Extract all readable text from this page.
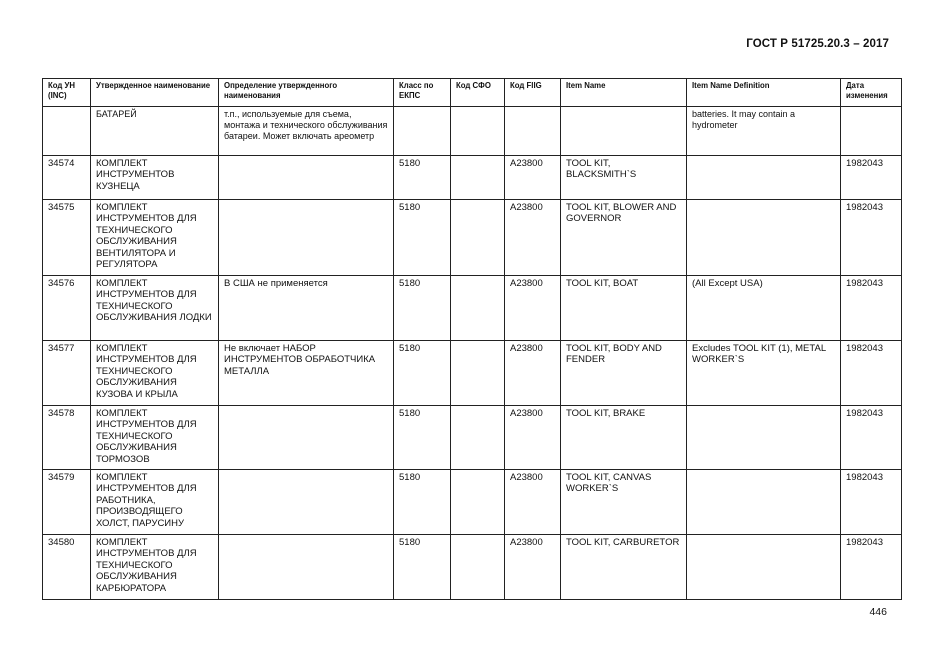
ГОСТ Р 51725.20.3 – 2017
Код УН (INC)	Утвержденное наименование	Определение утвержденного наименования	Класс по ЕКПС	Код СФО	Код FIIG	Item Name	Item Name Definition	Дата изменения
	БАТАРЕЙ	т.п., используемые для съема, монтажа и технического обслуживания батареи. Может включать ареометр					batteries. It may contain a hydrometer	
34574	КОМПЛЕКТ ИНСТРУМЕНТОВ КУЗНЕЦА		5180		A23800	TOOL KIT, BLACKSMITH`S		1982043
34575	КОМПЛЕКТ ИНСТРУМЕНТОВ ДЛЯ ТЕХНИЧЕСКОГО ОБСЛУЖИВАНИЯ ВЕНТИЛЯТОРА И РЕГУЛЯТОРА		5180		A23800	TOOL KIT, BLOWER AND GOVERNOR		1982043
34576	КОМПЛЕКТ ИНСТРУМЕНТОВ ДЛЯ ТЕХНИЧЕСКОГО ОБСЛУЖИВАНИЯ ЛОДКИ	В США не применяется	5180		A23800	TOOL KIT, BOAT	(All Except USA)	1982043
34577	КОМПЛЕКТ ИНСТРУМЕНТОВ ДЛЯ ТЕХНИЧЕСКОГО ОБСЛУЖИВАНИЯ КУЗОВА И КРЫЛА	Не включает НАБОР ИНСТРУМЕНТОВ ОБРАБОТЧИКА МЕТАЛЛА	5180		A23800	TOOL KIT, BODY AND FENDER	Excludes TOOL KIT (1), METAL WORKER`S	1982043
34578	КОМПЛЕКТ ИНСТРУМЕНТОВ ДЛЯ ТЕХНИЧЕСКОГО ОБСЛУЖИВАНИЯ ТОРМОЗОВ		5180		A23800	TOOL KIT, BRAKE		1982043
34579	КОМПЛЕКТ ИНСТРУМЕНТОВ ДЛЯ РАБОТНИКА, ПРОИЗВОДЯЩЕГО ХОЛСТ, ПАРУСИНУ		5180		A23800	TOOL KIT, CANVAS WORKER`S		1982043
34580	КОМПЛЕКТ ИНСТРУМЕНТОВ ДЛЯ ТЕХНИЧЕСКОГО ОБСЛУЖИВАНИЯ КАРБЮРАТОРА		5180		A23800	TOOL KIT, CARBURETOR		1982043
446
